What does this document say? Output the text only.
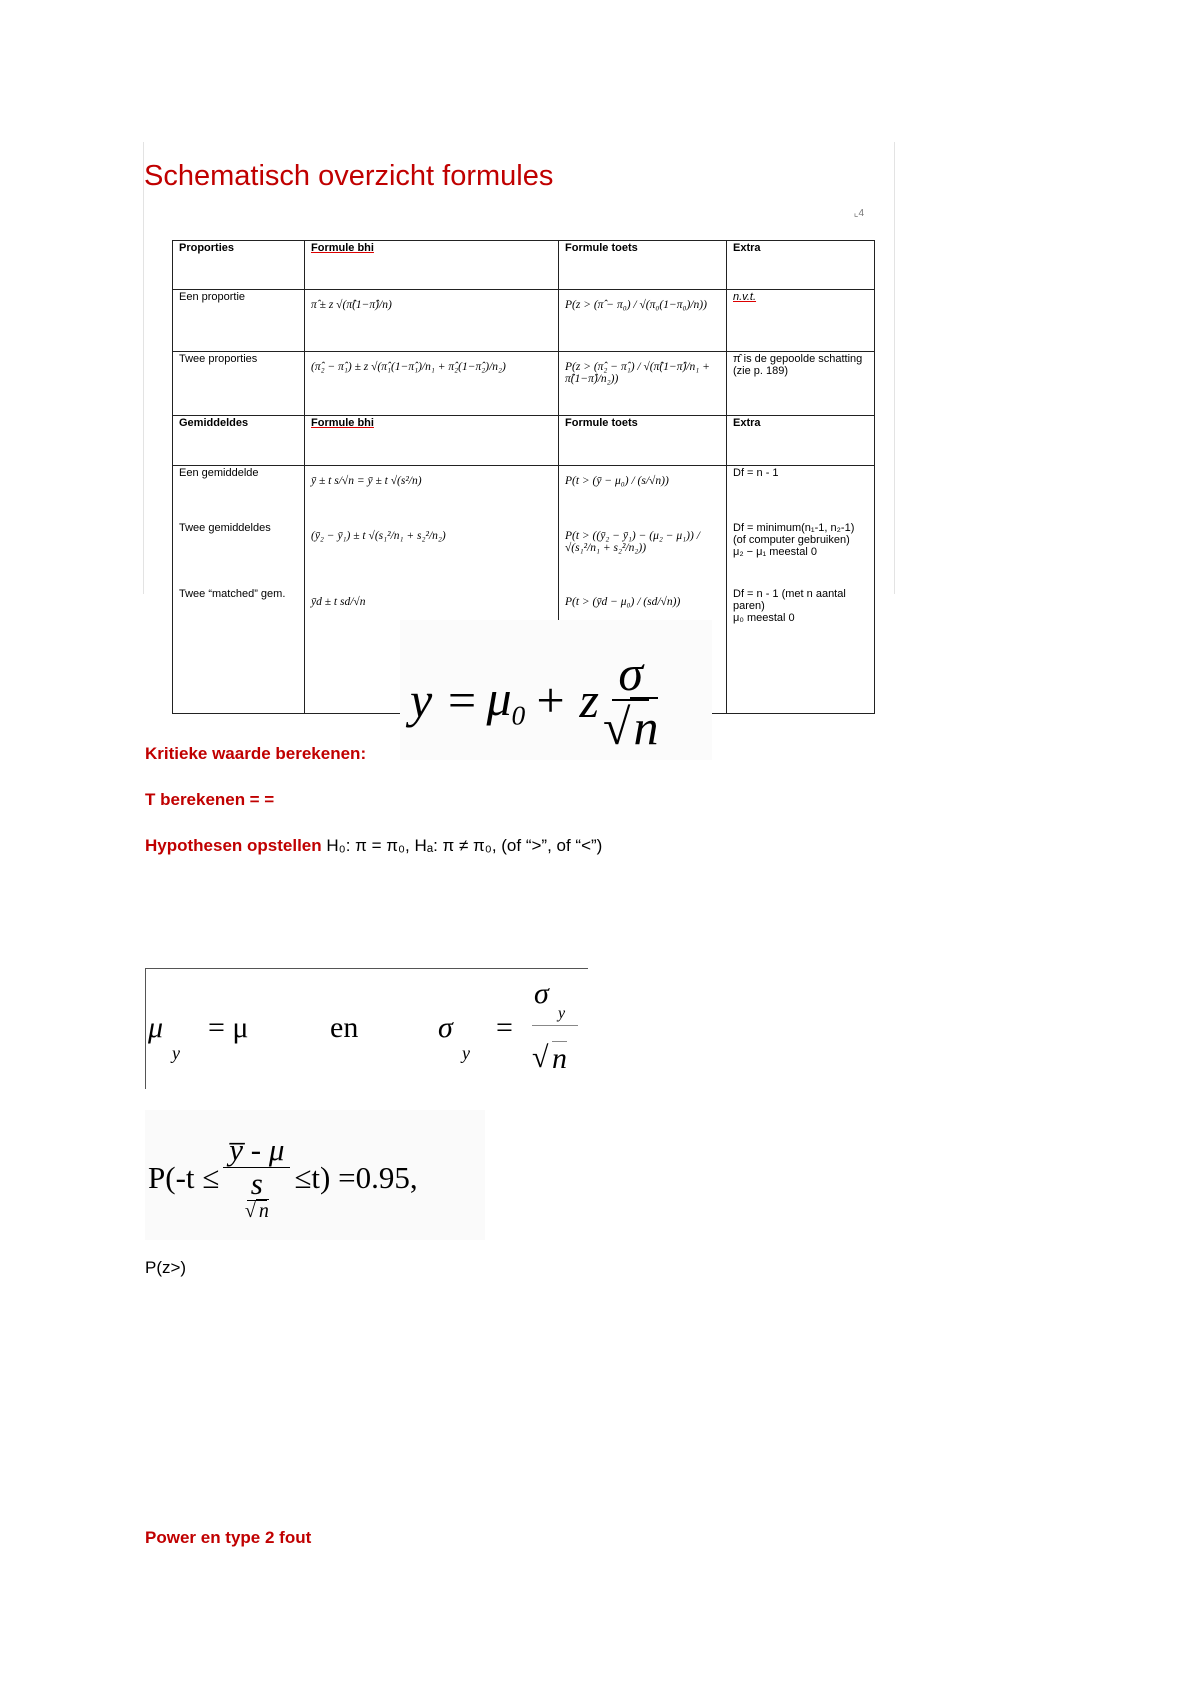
Schematisch overzicht formules
⌞4
Proporties	Formule bhi	Formule toets	Extra
Een proportie	π̂ ± z √(π̂(1−π̂)/n)	P(z > (π̂ − π₀) / √(π₀(1−π₀)/n))	n.v.t.
Twee proporties	(π̂₂ − π̂₁) ± z √(π̂₁(1−π̂₁)/n₁ + π̂₂(1−π̂₂)/n₂)	P(z > (π̂₂ − π̂₁) / √(π̂(1−π̂)/n₁ + π̂(1−π̂)/n₂))	π̂ is de gepoolde schatting (zie p. 189)
Gemiddeldes	Formule bhi	Formule toets	Extra
Een gemiddelde	ȳ ± t s/√n = ȳ ± t √(s²/n)	P(t > (ȳ − μ₀) / (s/√n))	Df = n - 1
Twee gemiddeldes	(ȳ₂ − ȳ₁) ± t √(s₁²/n₁ + s₂²/n₂)	P(t > ((ȳ₂ − ȳ₁) − (μ₂ − μ₁)) / √(s₁²/n₁ + s₂²/n₂))	Df = minimum(n₁-1, n₂-1)
(of computer gebruiken)
μ₂ − μ₁ meestal 0

Twee “matched” gem.	ȳd ± t sd/√n	P(t > (ȳd − μ₀) / (sd/√n))	Df = n - 1 (met n aantal paren)
μ₀ meestal 0
$y = \mu_0 + z \frac{\sigma}{√n}$
Kritieke waarde berekenen:
T berekenen = =
Hypothesen opstellen H₀: π = π₀, Hₐ: π ≠ π₀, (of “>”, of “<”)
μ
y
= μ	en	σ
y
=
σ
y
√ n
P(-t ≤ y̅ - μ
s
√ n ≤t) =0.95,
P(z>)
Power en type 2 fout
